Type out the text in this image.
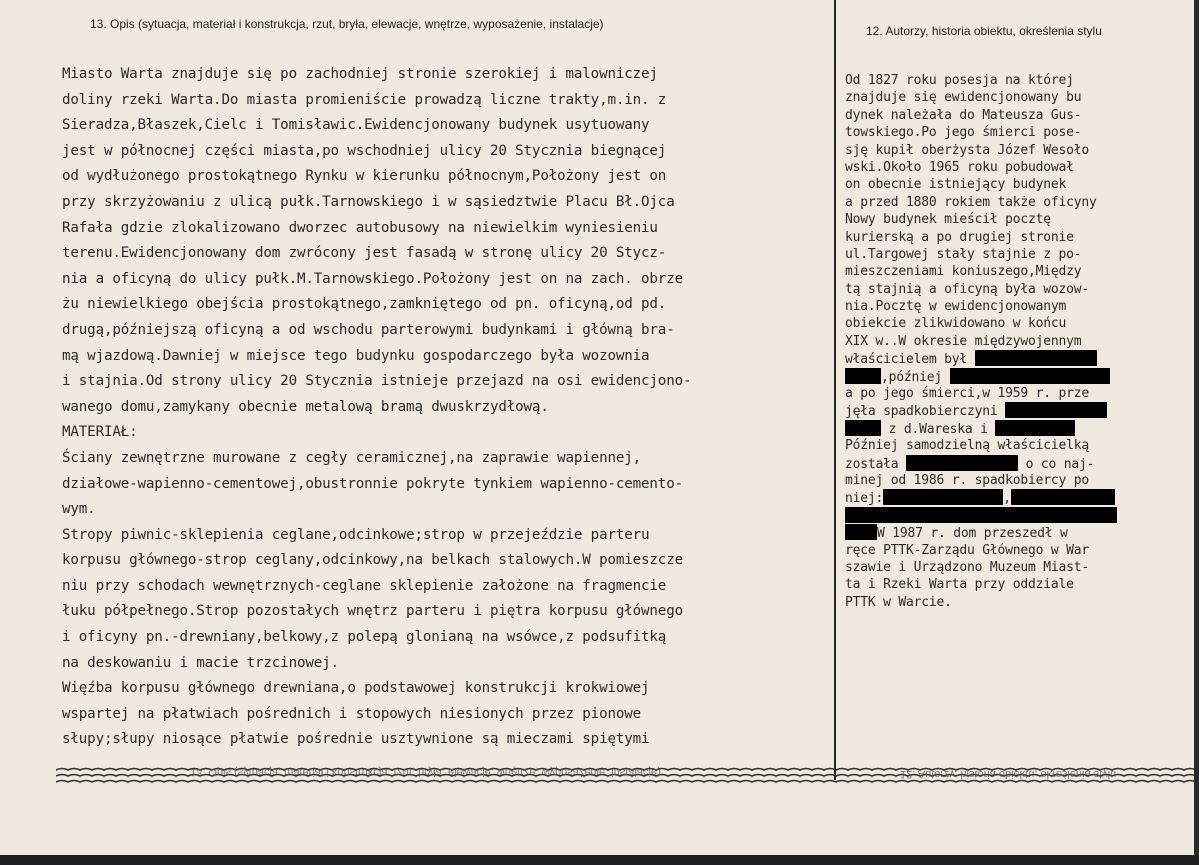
13. Opis (sytuacja, materiał i konstrukcja, rzut, bryła, elewacje, wnętrze, wyposażenie, instalacje)	12. Autorzy, historia obiektu, określenia stylu
Miasto Warta znajduje się po zachodniej stronie szerokiej i malowniczej
doliny rzeki Warta.Do miasta promieniście prowadzą liczne trakty,m.in. z
Sieradza,Błaszek,Cielc i Tomisławic.Ewidencjonowany budynek usytuowany
jest w północnej części miasta,po wschodniej ulicy 20 Stycznia biegnącej
od wydłużonego prostokątnego Rynku w kierunku północnym,Położony jest on
przy skrzyżowaniu z ulicą pułk.Tarnowskiego i w sąsiedztwie Placu Bł.Ojca
Rafała gdzie zlokalizowano dworzec autobusowy na niewielkim wyniesieniu
terenu.Ewidencjonowany dom zwrócony jest fasadą w stronę ulicy 20 Stycz-
nia a oficyną do ulicy pułk.M.Tarnowskiego.Położony jest on na zach. obrze
żu niewielkiego obejścia prostokątnego,zamkniętego od pn. oficyną,od pd.
drugą,późniejszą oficyną a od wschodu parterowymi budynkami i główną bra-
mą wjazdową.Dawniej w miejsce tego budynku gospodarczego była wozownia
i stajnia.Od strony ulicy 20 Stycznia istnieje przejazd na osi ewidencjono-
wanego domu,zamykany obecnie metalową bramą dwuskrzydłową.
MATERIAŁ:
Ściany zewnętrzne murowane z cegły ceramicznej,na zaprawie wapiennej,
działowe-wapienno-cementowej,obustronnie pokryte tynkiem wapienno-cemento-
wym.
Stropy piwnic-sklepienia ceglane,odcinkowe;strop w przejeździe parteru
korpusu głównego-strop ceglany,odcinkowy,na belkach stalowych.W pomieszcze
niu przy schodach wewnętrznych-ceglane sklepienie założone na fragmencie
łuku półpełnego.Strop pozostałych wnętrz parteru i piętra korpusu głównego
i oficyny pn.-drewniany,belkowy,z polepą glonianą na wsówce,z podsufitką
na deskowaniu i macie trzcinowej.
Więźba korpusu głównego drewniana,o podstawowej konstrukcji krokwiowej
wspartej na płatwiach pośrednich i stopowych niesionych przez pionowe
słupy;słupy niosące płatwie pośrednie usztywnione są mieczami spiętymi
Od 1827 roku posesja na której
znajduje się ewidencjonowany bu
dynek należała do Mateusza Gus-
towskiego.Po jego śmierci pose-
sję kupił oberżysta Józef Wesoło
wski.Około 1965 roku pobudował
on obecnie istniejący budynek
a przed 1880 rokiem także oficyny
Nowy budynek mieścił pocztę
kurierską a po drugiej stronie
ul.Targowej stały stajnie z po-
mieszczeniami koniuszego,Między
tą stajnią a oficyną była wozow-
nia.Pocztę w ewidencjonowanym
obiekcie zlikwidowano w końcu
XIX w..W okresie międzywojennym
właścicielem był
,później
a po jego śmierci,w 1959 r. prze
jęła spadkobierczyni
z d.Wareska i
Później samodzielną właścicielką
została	o co naj-
minej od 1986 r. spadkobiercy po
niej:	,
W 1987 r. dom przeszedł w
ręce PTTK-Zarządu Głównego w War
szawie i Urządzono Muzeum Miast-
ta i Rzeki Warta przy oddziale
PTTK w Warcie.
13. Opis (sytuacja, materiał i konstrukcja, rzut, bryła, elewacje, wnętrze, wyposażenie, instalacje)	12. Autorzy, historia obiektu, określenia stylu
